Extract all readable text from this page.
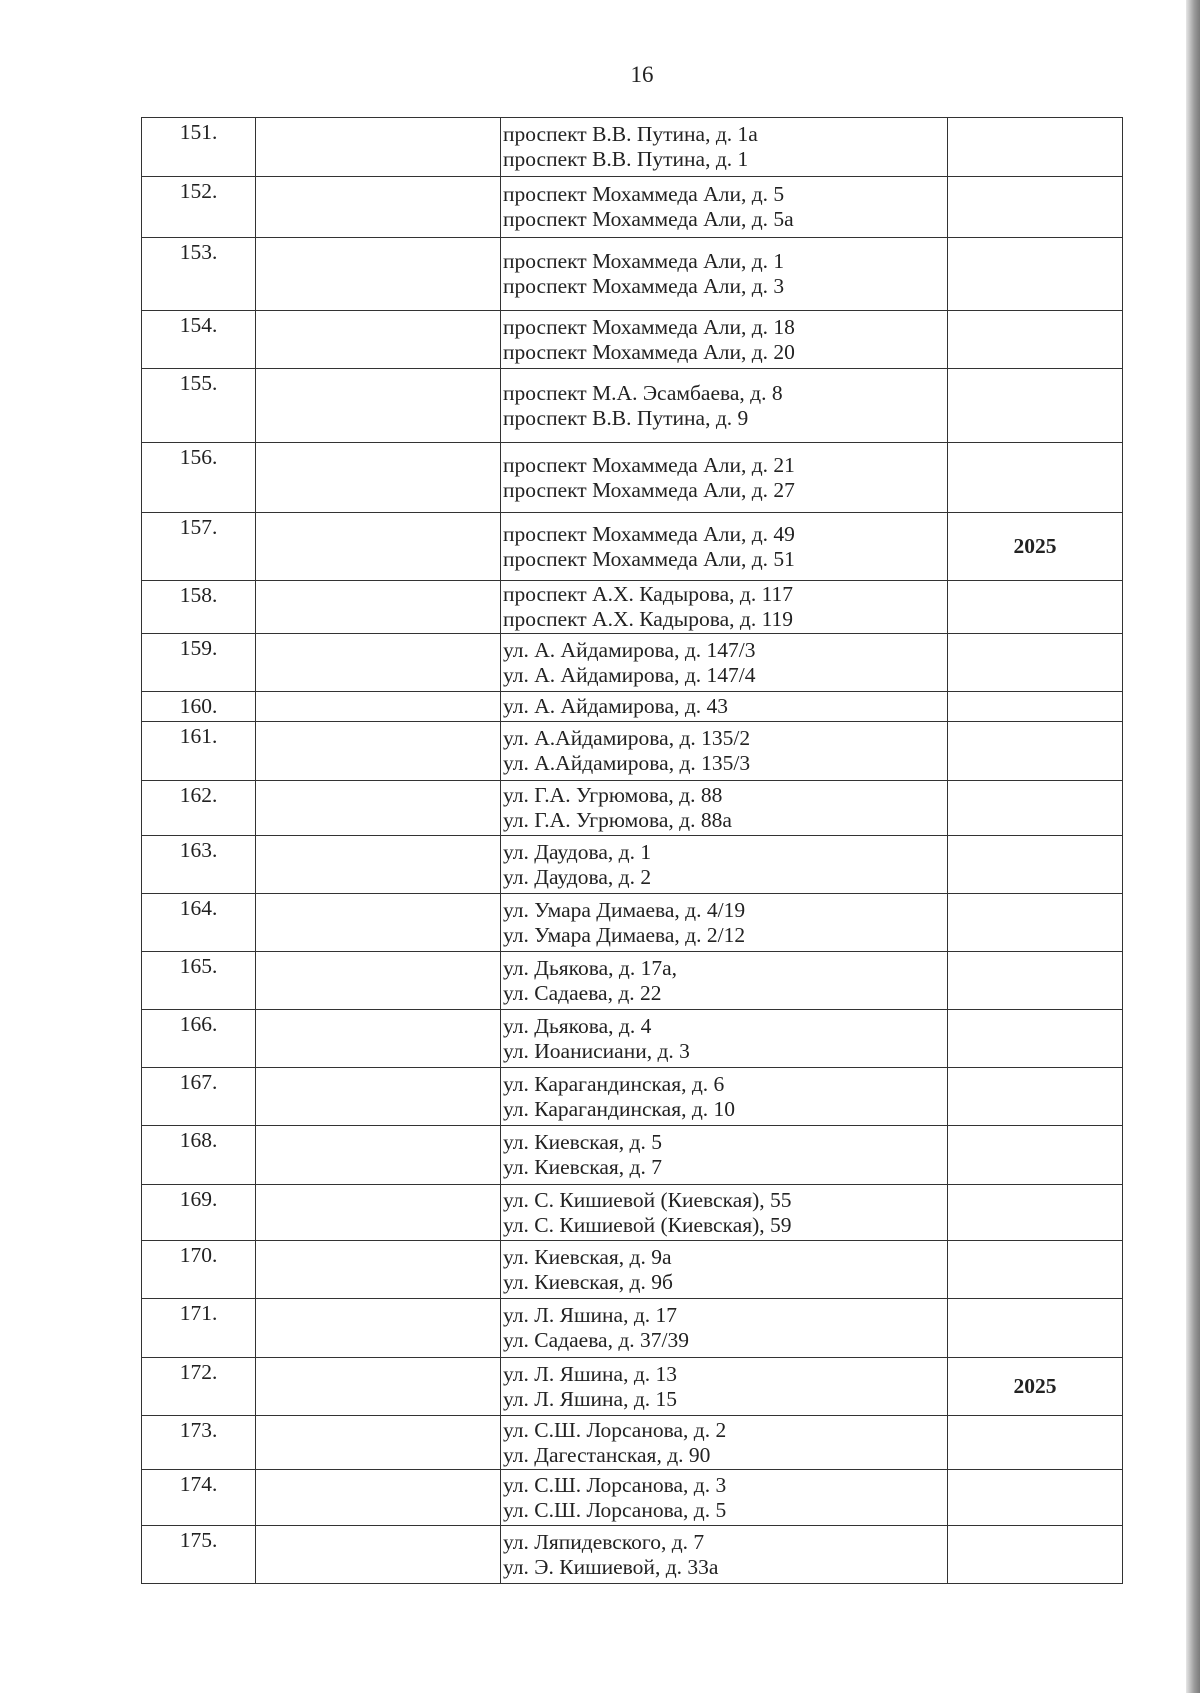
16
151.		проспект В.В. Путина, д. 1а
проспект В.В. Путина, д. 1	

152.		проспект Мохаммеда Али, д. 5
проспект Мохаммеда Али, д. 5а	

153.		проспект Мохаммеда Али, д. 1
проспект Мохаммеда Али, д. 3	

154.		проспект Мохаммеда Али, д. 18
проспект Мохаммеда Али, д. 20	

155.		проспект М.А. Эсамбаева, д. 8
проспект В.В. Путина, д. 9	

156.		проспект Мохаммеда Али, д. 21
проспект Мохаммеда Али, д. 27	

157.		проспект Мохаммеда Али, д. 49
проспект Мохаммеда Али, д. 51	2025
158.		проспект А.Х. Кадырова, д. 117
проспект А.Х. Кадырова, д. 119	

159.		ул. А. Айдамирова, д. 147/3
ул. А. Айдамирова, д. 147/4	

160.		ул. А. Айдамирова, д. 43	

161.		ул. А.Айдамирова, д. 135/2
ул. А.Айдамирова, д. 135/3	

162.		ул. Г.А. Угрюмова, д. 88
ул. Г.А. Угрюмова, д. 88а	

163.		ул. Даудова, д. 1
ул. Даудова, д. 2	

164.		ул. Умара Димаева, д. 4/19
ул. Умара Димаева, д. 2/12	

165.		ул. Дьякова, д. 17а,
ул. Садаева, д. 22	

166.		ул. Дьякова, д. 4
ул. Иоанисиани, д. 3	

167.		ул. Карагандинская, д. 6
ул. Карагандинская, д. 10	

168.		ул. Киевская, д. 5
ул. Киевская, д. 7	

169.		ул. С. Кишиевой (Киевская), 55
ул. С. Кишиевой (Киевская), 59	

170.		ул. Киевская, д. 9а
ул. Киевская, д. 9б	

171.		ул. Л. Яшина, д. 17
ул. Садаева, д. 37/39	

172.		ул. Л. Яшина, д. 13
ул. Л. Яшина, д. 15	2025
173.		ул. С.Ш. Лорсанова, д. 2
ул. Дагестанская, д. 90	

174.		ул. С.Ш. Лорсанова, д. 3
ул. С.Ш. Лорсанова, д. 5	

175.		ул. Ляпидевского, д. 7
ул. Э. Кишиевой, д. 33а	
